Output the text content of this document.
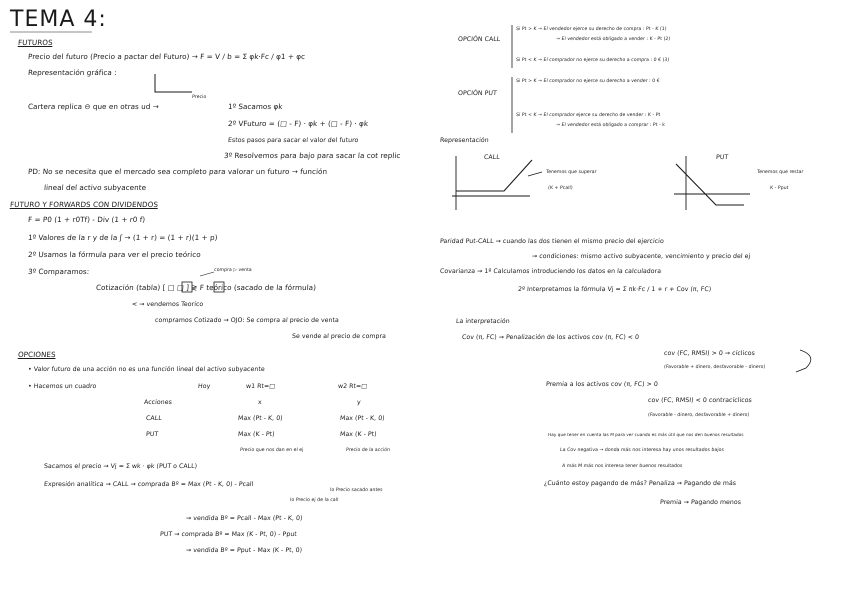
TEMA 4:
FUTUROS
Precio del futuro (Precio a pactar del Futuro) → F = V / b = Σ φk·Fc / φ1 + φc
Representación gráfica :
Precio
Cartera replica ⊖ que en otras ud →	1º Sacamos φk
2º VFuturo = (□ - F) · φk + (□ - F) · φk
Estos pasos para sacar el valor del futuro
3º Resolvemos para bajo para sacar la cot replic
PD: No se necesita que el mercado sea completo para valorar un futuro → función
lineal del activo subyacente
FUTURO Y FORWARDS CON DIVIDENDOS
F = P0 (1 + r0Tf) - Div (1 + r0 f)
1º Valores de la r y de la ʃ → (1 + r) = (1 + r)(1 + p)
2º Usamos la fórmula para ver el precio teórico
3º Comparamos:	compra ▷ venta
Cotización (tabla) [ □ □ ] ≷ F teórico (sacado de la fórmula)
< → vendemos Teorico
compramos Cotizado → OJO: Se compra al precio de venta
Se vende al precio de compra
OPCIONES
• Valor futuro de una acción no es una función lineal del activo subyacente
• Hacemos un cuadro	Hoy	w1 Rt=□	w2 Rt=□
Acciones	x	y
CALL	Max (Pt - K, 0)	Max (Pt - K, 0)
PUT	Max (K - Pt)	Max (K - Pt)
Precio que nos dan en el ej	Precio de la acción
Sacamos el precio → Vj = Σ wk · φk (PUT o CALL)
Expresión analítica → CALL → comprada Bº = Max (Pt - K, 0) - Pcall
lo Precio sacado antes
lo Precio ej de la call
→ vendida Bº = Pcall - Max (Pt - K, 0)
PUT → comprada Bº = Max (K - Pt, 0) - Pput
→ vendida Bº = Pput - Max (K - Pt, 0)
OPCIÓN CALL
Si Pt > K → El vendedor ejerce su derecho de compra : Pt - K (1)
→ El vendedor está obligado a vender : K - Pt (2)
Si Pt < K → El comprador no ejerce su derecho a compra : 0 € (3)
OPCIÓN PUT
Si Pt > K → El comprador no ejerce su derecho a vender : 0 €
Si Pt < K → El comprador ejerce su derecho de vender : K - Pt
→ El vendedor está obligado a comprar : Pt - k
Representación
CALL	PUT
Tenemos que superar
(K + Pcall)
Tenemos que restar
K - Pput
Paridad Put-CALL → cuando las dos tienen el mismo precio del ejercicio
→ condiciones: mismo activo subyacente, vencimiento y precio del ej
Covarianza → 1º Calculamos introduciendo los datos en la calculadora
2º Interpretamos la fórmula Vj = Σ πk·Fc / 1 + r + Cov (π, FC)
La interpretación
Cov (π, FC) → Penalización de los activos cov (π, FC) < 0
cov (FC, RMSI) > 0 → cíclicos
(Favorable + dinero, desfavorable - dinero)
Premia a los activos cov (π, FC) > 0
cov (FC, RMSI) < 0 contracíclicos
(Favorable - dinero, desfavorable + dinero)
Hay que tener en cuenta las M para ver cuando es más útil que nos den buenos resultados
La Cov negativa → donda más nos interesa hay unos resultados bajos
A más M más nos interesa tener buenos resultados
¿Cuánto estoy pagando de más? Penaliza → Pagando de más
Premia → Pagando menos
